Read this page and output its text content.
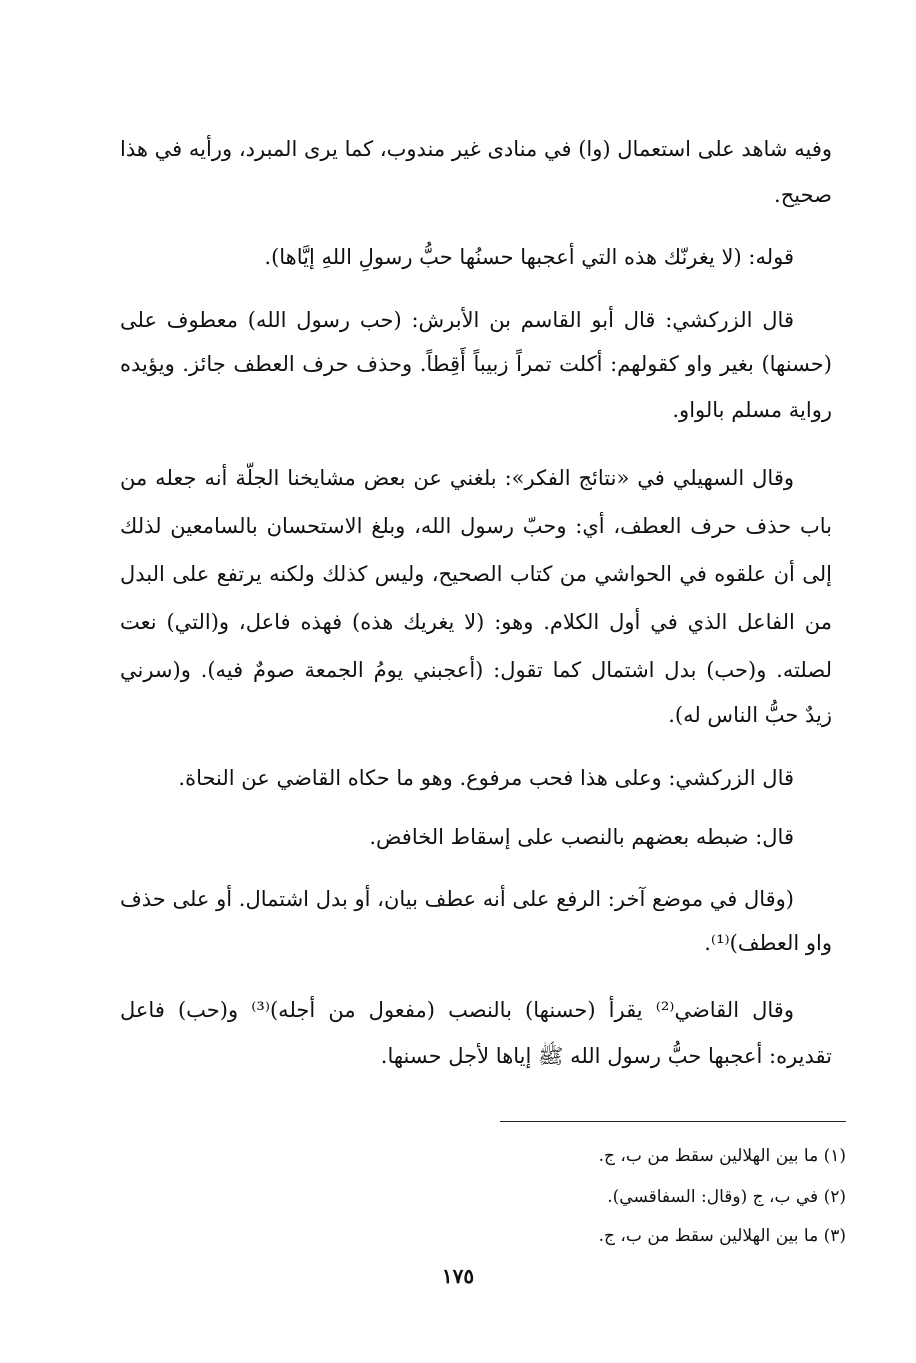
وفيه شاهد على استعمال (وا) في منادى غير مندوب، كما يرى المبرد، ورأيه في هذا
صحيح.
قوله: (لا يغرنّك هذه التي أعجبها حسنُها حبُّ رسولِ اللهِ إيَّاها).
قال الزركشي: قال أبو القاسم بن الأبرش: (حب رسول الله) معطوف على
(حسنها) بغير واو كقولهم: أكلت تمراً زبيباً أَقِطاً. وحذف حرف العطف جائز. ويؤيده
رواية مسلم بالواو.
وقال السهيلي في «نتائج الفكر»: بلغني عن بعض مشايخنا الجلّة أنه جعله من
باب حذف حرف العطف، أي: وحبّ رسول الله، وبلغ الاستحسان بالسامعين لذلك
إلى أن علقوه في الحواشي من كتاب الصحيح، وليس كذلك ولكنه يرتفع على البدل
من الفاعل الذي في أول الكلام. وهو: (لا يغريك هذه) فهذه فاعل، و(التي) نعت
لصلته. و(حب) بدل اشتمال كما تقول: (أعجبني يومُ الجمعة صومٌ فيه). و(سرني
زيدٌ حبُّ الناس له).
قال الزركشي: وعلى هذا فحب مرفوع. وهو ما حكاه القاضي عن النحاة.
قال: ضبطه بعضهم بالنصب على إسقاط الخافض.
(وقال في موضع آخر: الرفع على أنه عطف بيان، أو بدل اشتمال. أو على حذف
واو العطف)⁽¹⁾.
وقال القاضي⁽²⁾ يقرأ (حسنها) بالنصب (مفعول من أجله)⁽³⁾ و(حب) فاعل
تقديره: أعجبها حبُّ رسول الله ﷺ إياها لأجل حسنها.
(١) ما بين الهلالين سقط من ب، ج.
(٢) في ب، ج (وقال: السفاقسي).
(٣) ما بين الهلالين سقط من ب، ج.
١٧٥
